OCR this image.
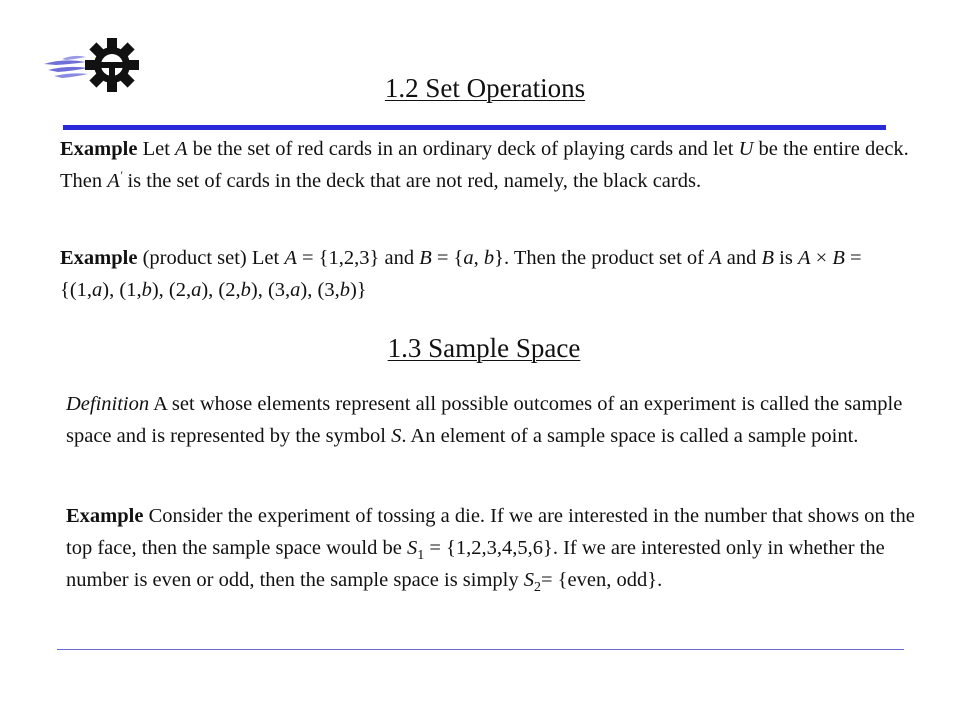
1.2 Set Operations

Example Let A be the set of red cards in an ordinary deck of playing cards and let U be the entire deck. Then A' is the set of cards in the deck that are not red, namely, the black cards.

Example (product set) Let A = {1,2,3} and B = {a, b}. Then the product set of A and B is A × B = {(1,a), (1,b), (2,a), (2,b), (3,a), (3,b)}

1.3 Sample Space

Definition A set whose elements represent all possible outcomes of an experiment is called the sample space and is represented by the symbol S. An element of a sample space is called a sample point.

Example Consider the experiment of tossing a die. If we are interested in the number that shows on the top face, then the sample space would be $S_1 = \{1,2,3,4,5,6\}$. If we are interested only in whether the number is even or odd, then the sample space is simply $S_2=$ {even, odd}.
